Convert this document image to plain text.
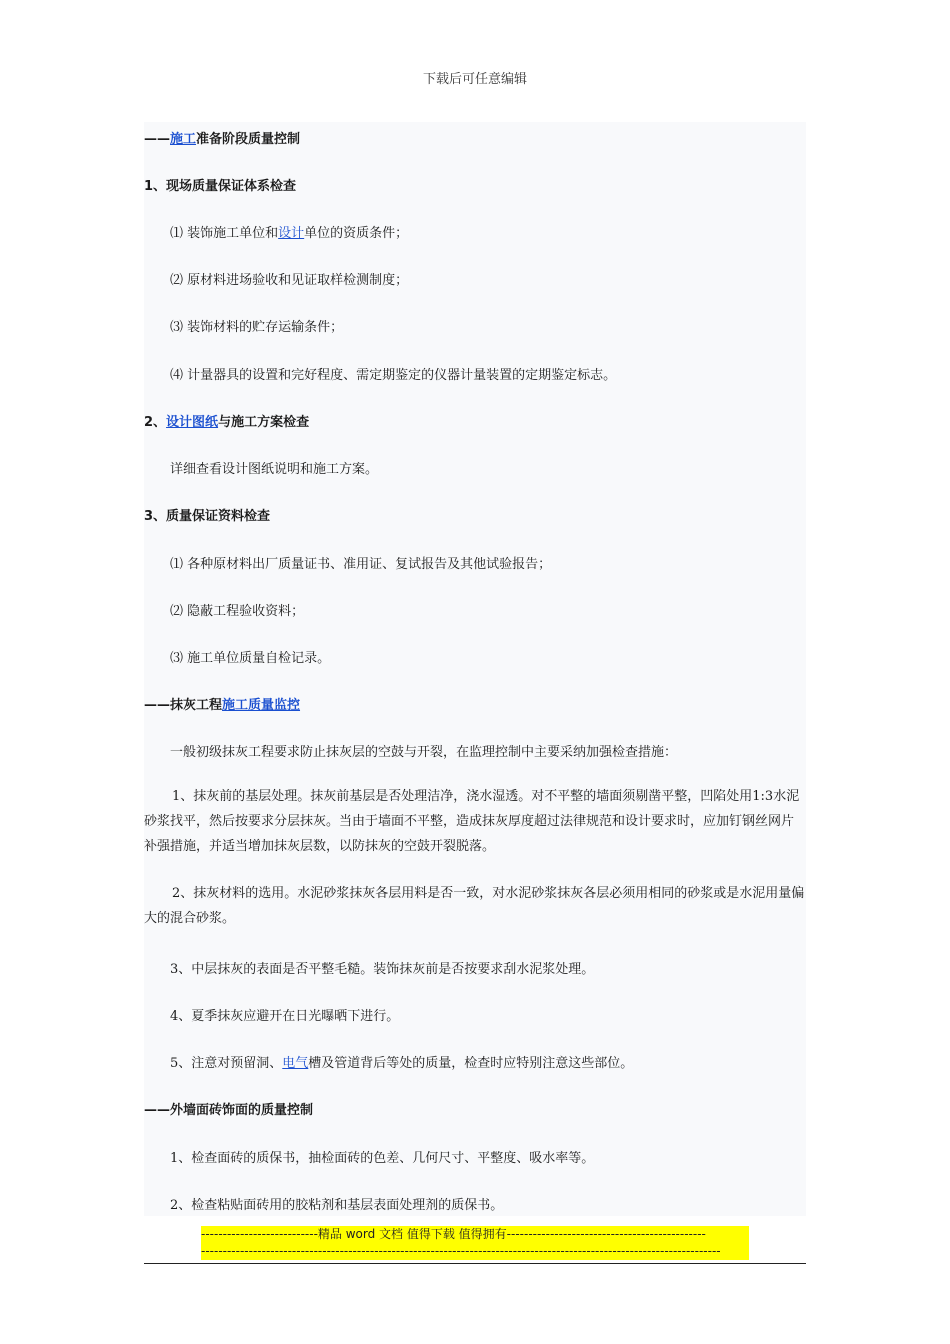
下载后可任意编辑
——施工准备阶段质量控制
1、现场质量保证体系检查
⑴ 装饰施工单位和设计单位的资质条件；
⑵ 原材料进场验收和见证取样检测制度；
⑶ 装饰材料的贮存运输条件；
⑷ 计量器具的设置和完好程度、需定期鉴定的仪器计量装置的定期鉴定标志。
2、设计图纸与施工方案检查
详细查看设计图纸说明和施工方案。
3、质量保证资料检查
⑴ 各种原材料出厂质量证书、准用证、复试报告及其他试验报告；
⑵ 隐蔽工程验收资料；
⑶ 施工单位质量自检记录。
——抹灰工程施工质量监控
一般初级抹灰工程要求防止抹灰层的空鼓与开裂，在监理控制中主要采纳加强检查措施：
1、抹灰前的基层处理。抹灰前基层是否处理洁净，浇水湿透。对不平整的墙面须剔凿平整，凹陷处用1:3水泥砂浆找平，然后按要求分层抹灰。当由于墙面不平整，造成抹灰厚度超过法律规范和设计要求时，应加钉钢丝网片补强措施，并适当增加抹灰层数，以防抹灰的空鼓开裂脱落。
2、抹灰材料的选用。水泥砂浆抹灰各层用料是否一致，对水泥砂浆抹灰各层必须用相同的砂浆或是水泥用量偏大的混合砂浆。
3、中层抹灰的表面是否平整毛糙。装饰抹灰前是否按要求刮水泥浆处理。
4、夏季抹灰应避开在日光曝晒下进行。
5、注意对预留洞、电气槽及管道背后等处的质量，检查时应特别注意这些部位。
——外墙面砖饰面的质量控制
1、检查面砖的质保书，抽检面砖的色差、几何尺寸、平整度、吸水率等。
2、检查粘贴面砖用的胶粘剂和基层表面处理剂的质保书。
---------------------------精品 word 文档 值得下载 值得拥有----------------------------------------------
------------------------------------------------------------------------------------------------------------------------
